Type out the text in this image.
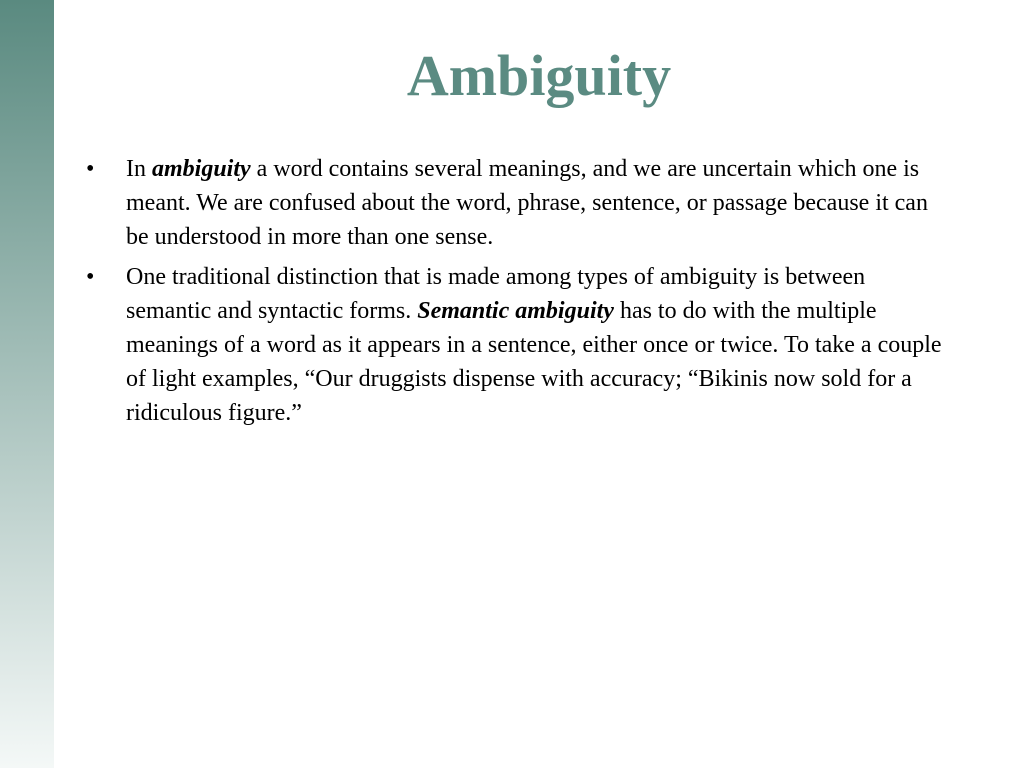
Ambiguity
• In ambiguity a word contains several meanings, and we are uncertain which one is meant. We are confused about the word, phrase, sentence, or passage because it can be understood in more than one sense.
• One traditional distinction that is made among types of ambiguity is between semantic and syntactic forms. Semantic ambiguity has to do with the multiple meanings of a word as it appears in a sentence, either once or twice. To take a couple of light examples, “Our druggists dispense with accuracy; “Bikinis now sold for a ridiculous figure.”
